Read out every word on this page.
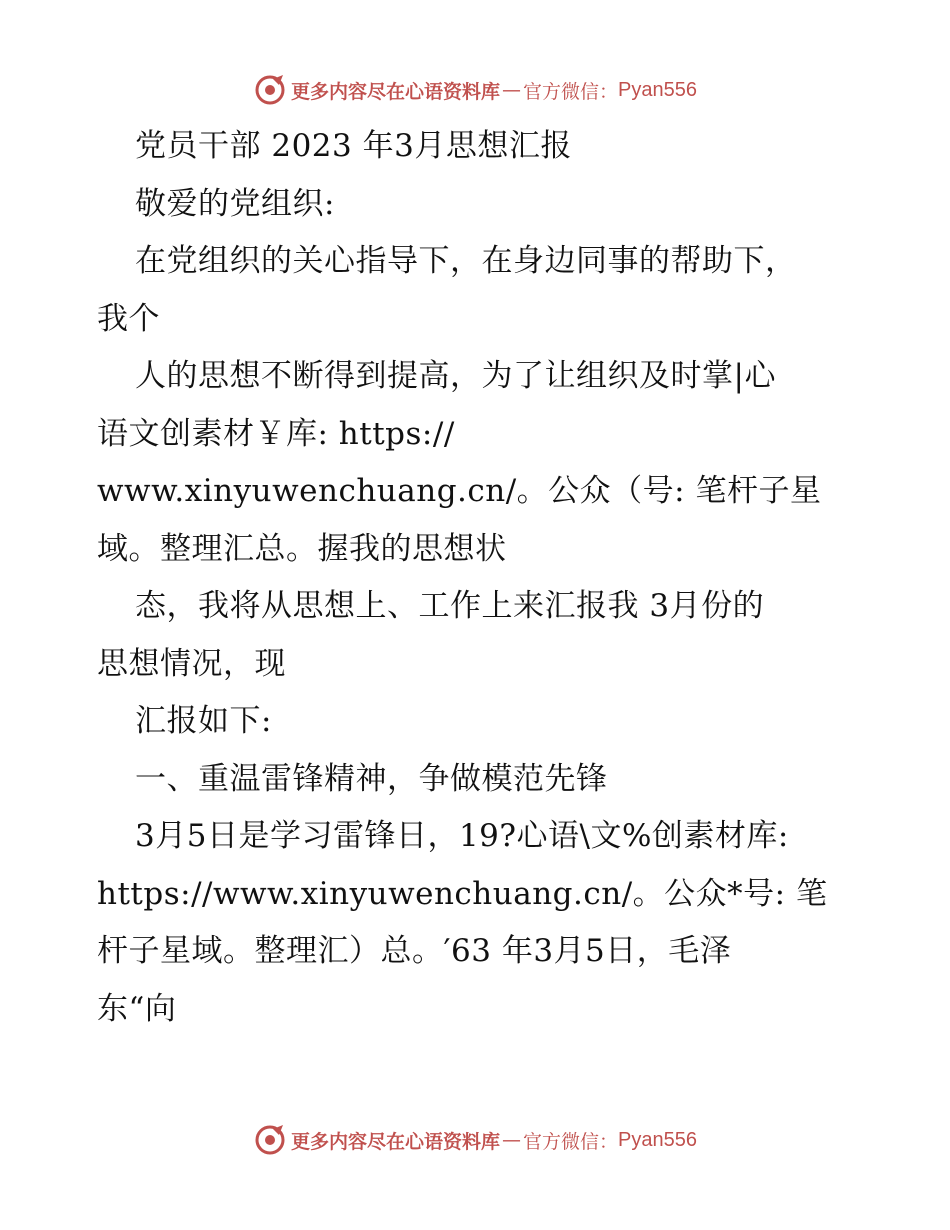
更多内容尽在心语资料库 — 官方微信： Pyan556
党员干部 2023 年3月思想汇报
敬爱的党组织:
在党组织的关心指导下，在身边同事的帮助下，
我个
人的思想不断得到提高，为了让组织及时掌|心
语文创素材￥库: https://
www.xinyuwenchuang.cn/。公众（号: 笔杆子星
域。整理汇总。握我的思想状
态，我将从思想上、工作上来汇报我 3月份的
思想情况，现
汇报如下:
一、重温雷锋精神，争做模范先锋
3月5日是学习雷锋日，19?心语\文%创素材库:
https://www.xinyuwenchuang.cn/。公众*号: 笔
杆子星域。整理汇）总。′63 年3月5日，毛泽
东“向
更多内容尽在心语资料库 — 官方微信： Pyan556
